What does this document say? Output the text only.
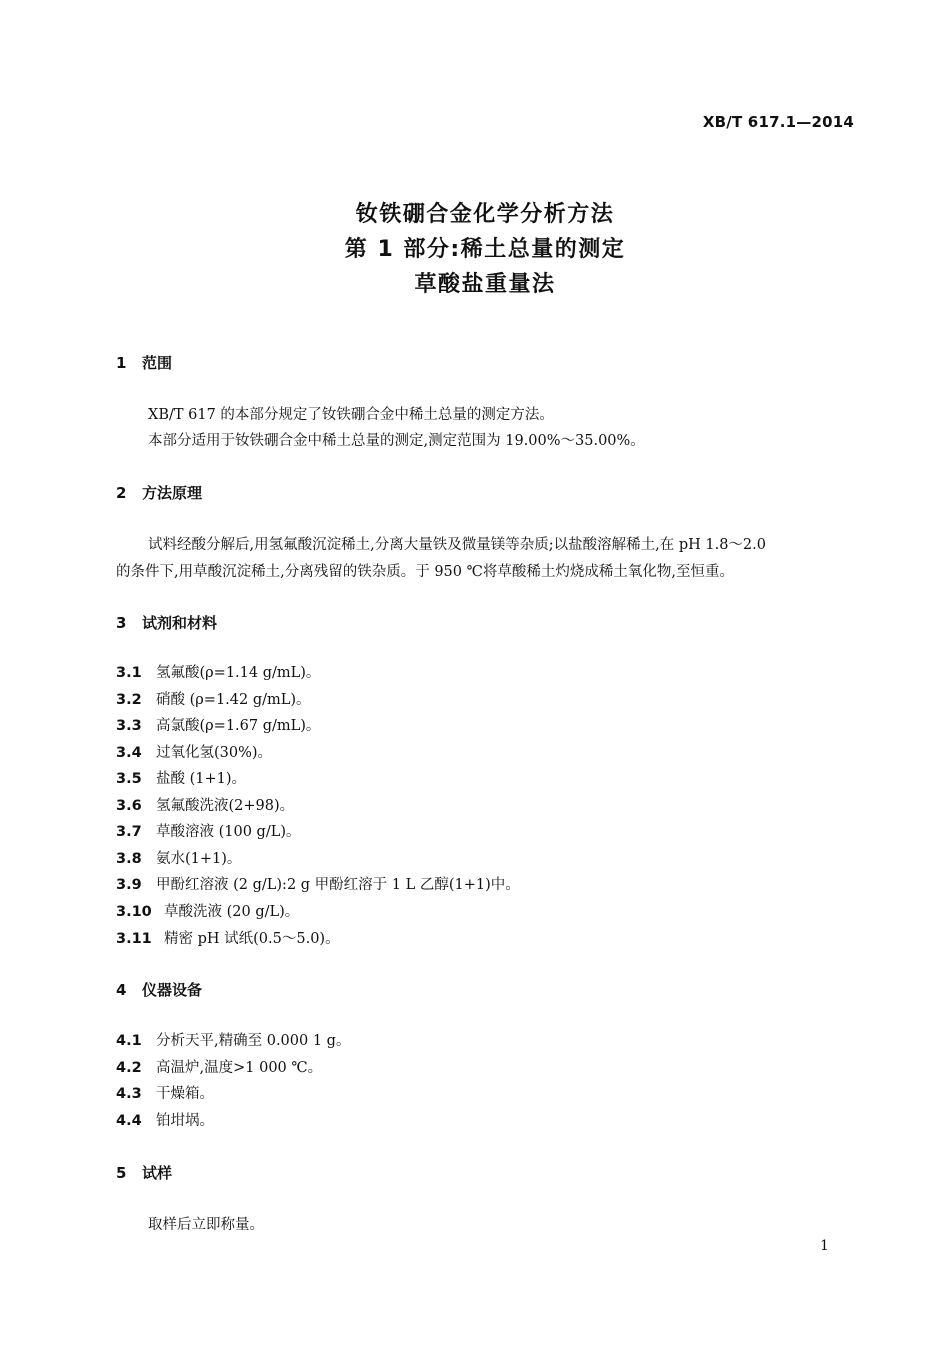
XB/T 617.1—2014
钕铁硼合金化学分析方法
第 1 部分:稀土总量的测定
草酸盐重量法
1 范围
XB/T 617 的本部分规定了钕铁硼合金中稀土总量的测定方法。
本部分适用于钕铁硼合金中稀土总量的测定,测定范围为 19.00%～35.00%。
2 方法原理
试料经酸分解后,用氢氟酸沉淀稀土,分离大量铁及微量镁等杂质;以盐酸溶解稀土,在 pH 1.8～2.0
的条件下,用草酸沉淀稀土,分离残留的铁杂质。于 950 ℃将草酸稀土灼烧成稀土氧化物,至恒重。
3 试剂和材料
3.1 氢氟酸(ρ=1.14 g/mL)。
3.2 硝酸 (ρ=1.42 g/mL)。
3.3 高氯酸(ρ=1.67 g/mL)。
3.4 过氧化氢(30%)。
3.5 盐酸 (1+1)。
3.6 氢氟酸洗液(2+98)。
3.7 草酸溶液 (100 g/L)。
3.8 氨水(1+1)。
3.9 甲酚红溶液 (2 g/L):2 g 甲酚红溶于 1 L 乙醇(1+1)中。
3.10 草酸洗液 (20 g/L)。
3.11 精密 pH 试纸(0.5～5.0)。
4 仪器设备
4.1 分析天平,精确至 0.000 1 g。
4.2 高温炉,温度>1 000 ℃。
4.3 干燥箱。
4.4 铂坩埚。
5 试样
取样后立即称量。
1
